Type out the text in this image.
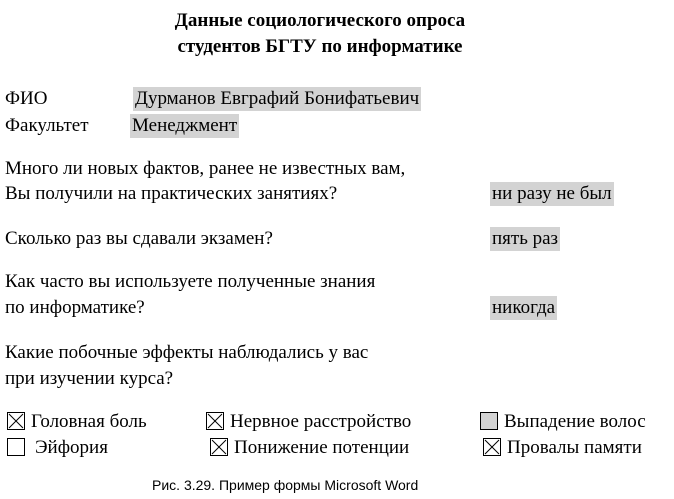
Данные социологического опроса
студентов БГТУ по информатике
ФИО	Дурманов Евграфий Бонифатьевич
Факультет Менеджмент
Много ли новых фактов, ранее не известных вам,
Вы получили на практических занятиях?	ни разу не был
Сколько раз вы сдавали экзамен?	пять раз
Как часто вы используете полученные знания
по информатике?	никогда
Какие побочные эффекты наблюдались у вас
при изучении курса?
Головная боль	Нервное расстройство	Выпадение волос
Эйфория	Понижение потенции	Провалы памяти
Рис. 3.29. Пример формы Microsoft Word
